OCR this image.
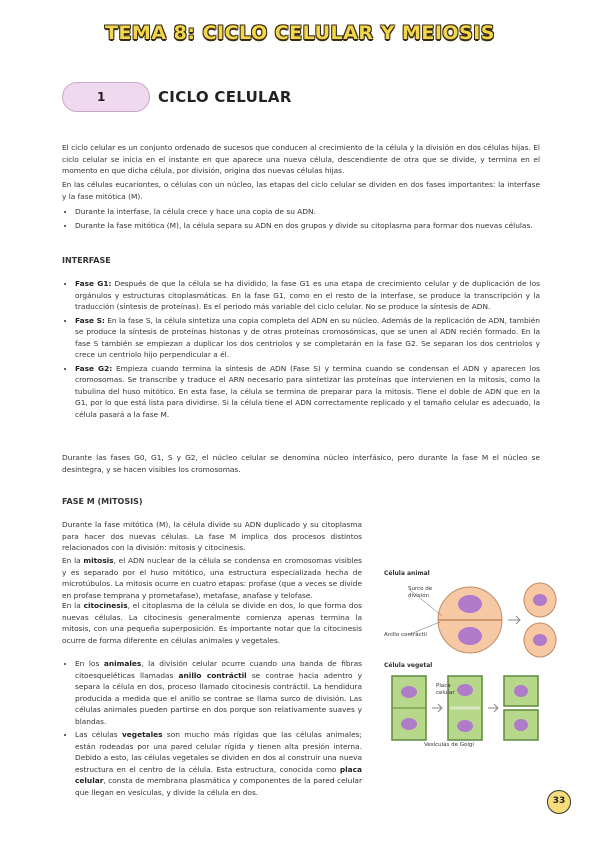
TEMA 8: CICLO CELULAR Y MEIOSIS
1	CICLO CELULAR

El ciclo celular es un conjunto ordenado de sucesos que conducen al crecimiento de la célula y la división en dos células hijas. El ciclo celular se inicia en el instante en que aparece una nueva célula, descendiente de otra que se divide, y termina en el momento en que dicha célula, por división, origina dos nuevas células hijas.

En las células eucariontes, o células con un núcleo, las etapas del ciclo celular se dividen en dos fases importantes: la interfase y la fase mitótica (M).

• Durante la interfase, la célula crece y hace una copia de su ADN.
• Durante la fase mitótica (M), la célula separa su ADN en dos grupos y divide su citoplasma para formar dos nuevas células.
INTERFASE
• Fase G1: Después de que la célula se ha dividido, la fase G1 es una etapa de crecimiento celular y de duplicación de los orgánulos y estructuras citoplasmáticas. En la fase G1, como en el resto de la interfase, se produce la transcripción y la traducción (síntesis de proteínas). Es el periodo más variable del ciclo celular. No se produce la síntesis de ADN.
• Fase S: En la fase S, la célula sintetiza una copia completa del ADN en su núcleo. Además de la replicación de ADN, también se produce la síntesis de proteínas histonas y de otras proteínas cromosómicas, que se unen al ADN recién formado. En la fase S también se empiezan a duplicar los dos centriolos y se completarán en la fase G2. Se separan los dos centriolos y crece un centriolo hijo perpendicular a él.
• Fase G2: Empieza cuando termina la síntesis de ADN (Fase S) y termina cuando se condensan el ADN y aparecen los cromosomas. Se transcribe y traduce el ARN necesario para sintetizar las proteínas que intervienen en la mitosis, como la tubulina del huso mitótico. En esta fase, la célula se termina de preparar para la mitosis. Tiene el doble de ADN que en la G1, por lo que está lista para dividirse. Si la célula tiene el ADN correctamente replicado y el tamaño celular es adecuado, la célula pasará a la fase M.

Durante las fases G0, G1, S y G2, el núcleo celular se denomina núcleo interfásico, pero durante la fase M el núcleo se desintegra, y se hacen visibles los cromosomas.

FASE M (MITOSIS)

Durante la fase mitótica (M), la célula divide su ADN duplicado y su citoplasma para hacer dos nuevas células. La fase M implica dos procesos distintos relacionados con la división: mitosis y citocinesis.

En la mitosis, el ADN nuclear de la célula se condensa en cromosomas visibles y es separado por el huso mitótico, una estructura especializada hecha de microtúbulos. La mitosis ocurre en cuatro etapas: profase (que a veces se divide en profase temprana y prometafase), metafase, anafase y telofase.

En la citocinesis, el citoplasma de la célula se divide en dos, lo que forma dos nuevas células. La citocinesis generalmente comienza apenas termina la mitosis, con una pequeña superposición. Es importante notar que la citocinesis ocurre de forma diferente en células animales y vegetales.

• En los animales, la división celular ocurre cuando una banda de fibras citoesqueléticas llamadas anillo contráctil se contrae hacia adentro y separa la célula en dos, proceso llamado citocinesis contráctil. La hendidura producida a medida que el anillo se contrae se llama surco de división. Las células animales pueden partirse en dos porque son relativamente suaves y blandas.
• Las células vegetales son mucho más rígidas que las células animales; están rodeadas por una pared celular rígida y tienen alta presión interna. Debido a esto, las células vegetales se dividen en dos al construir una nueva estructura en el centro de la célula. Esta estructura, conocida como placa celular, consta de membrana plasmática y componentes de la pared celular que llegan en vesículas, y divide la célula en dos.
Célula animal
Surco de división
Anillo contráctil
Célula vegetal
Placa celular
Vesículas de Golgi
33
